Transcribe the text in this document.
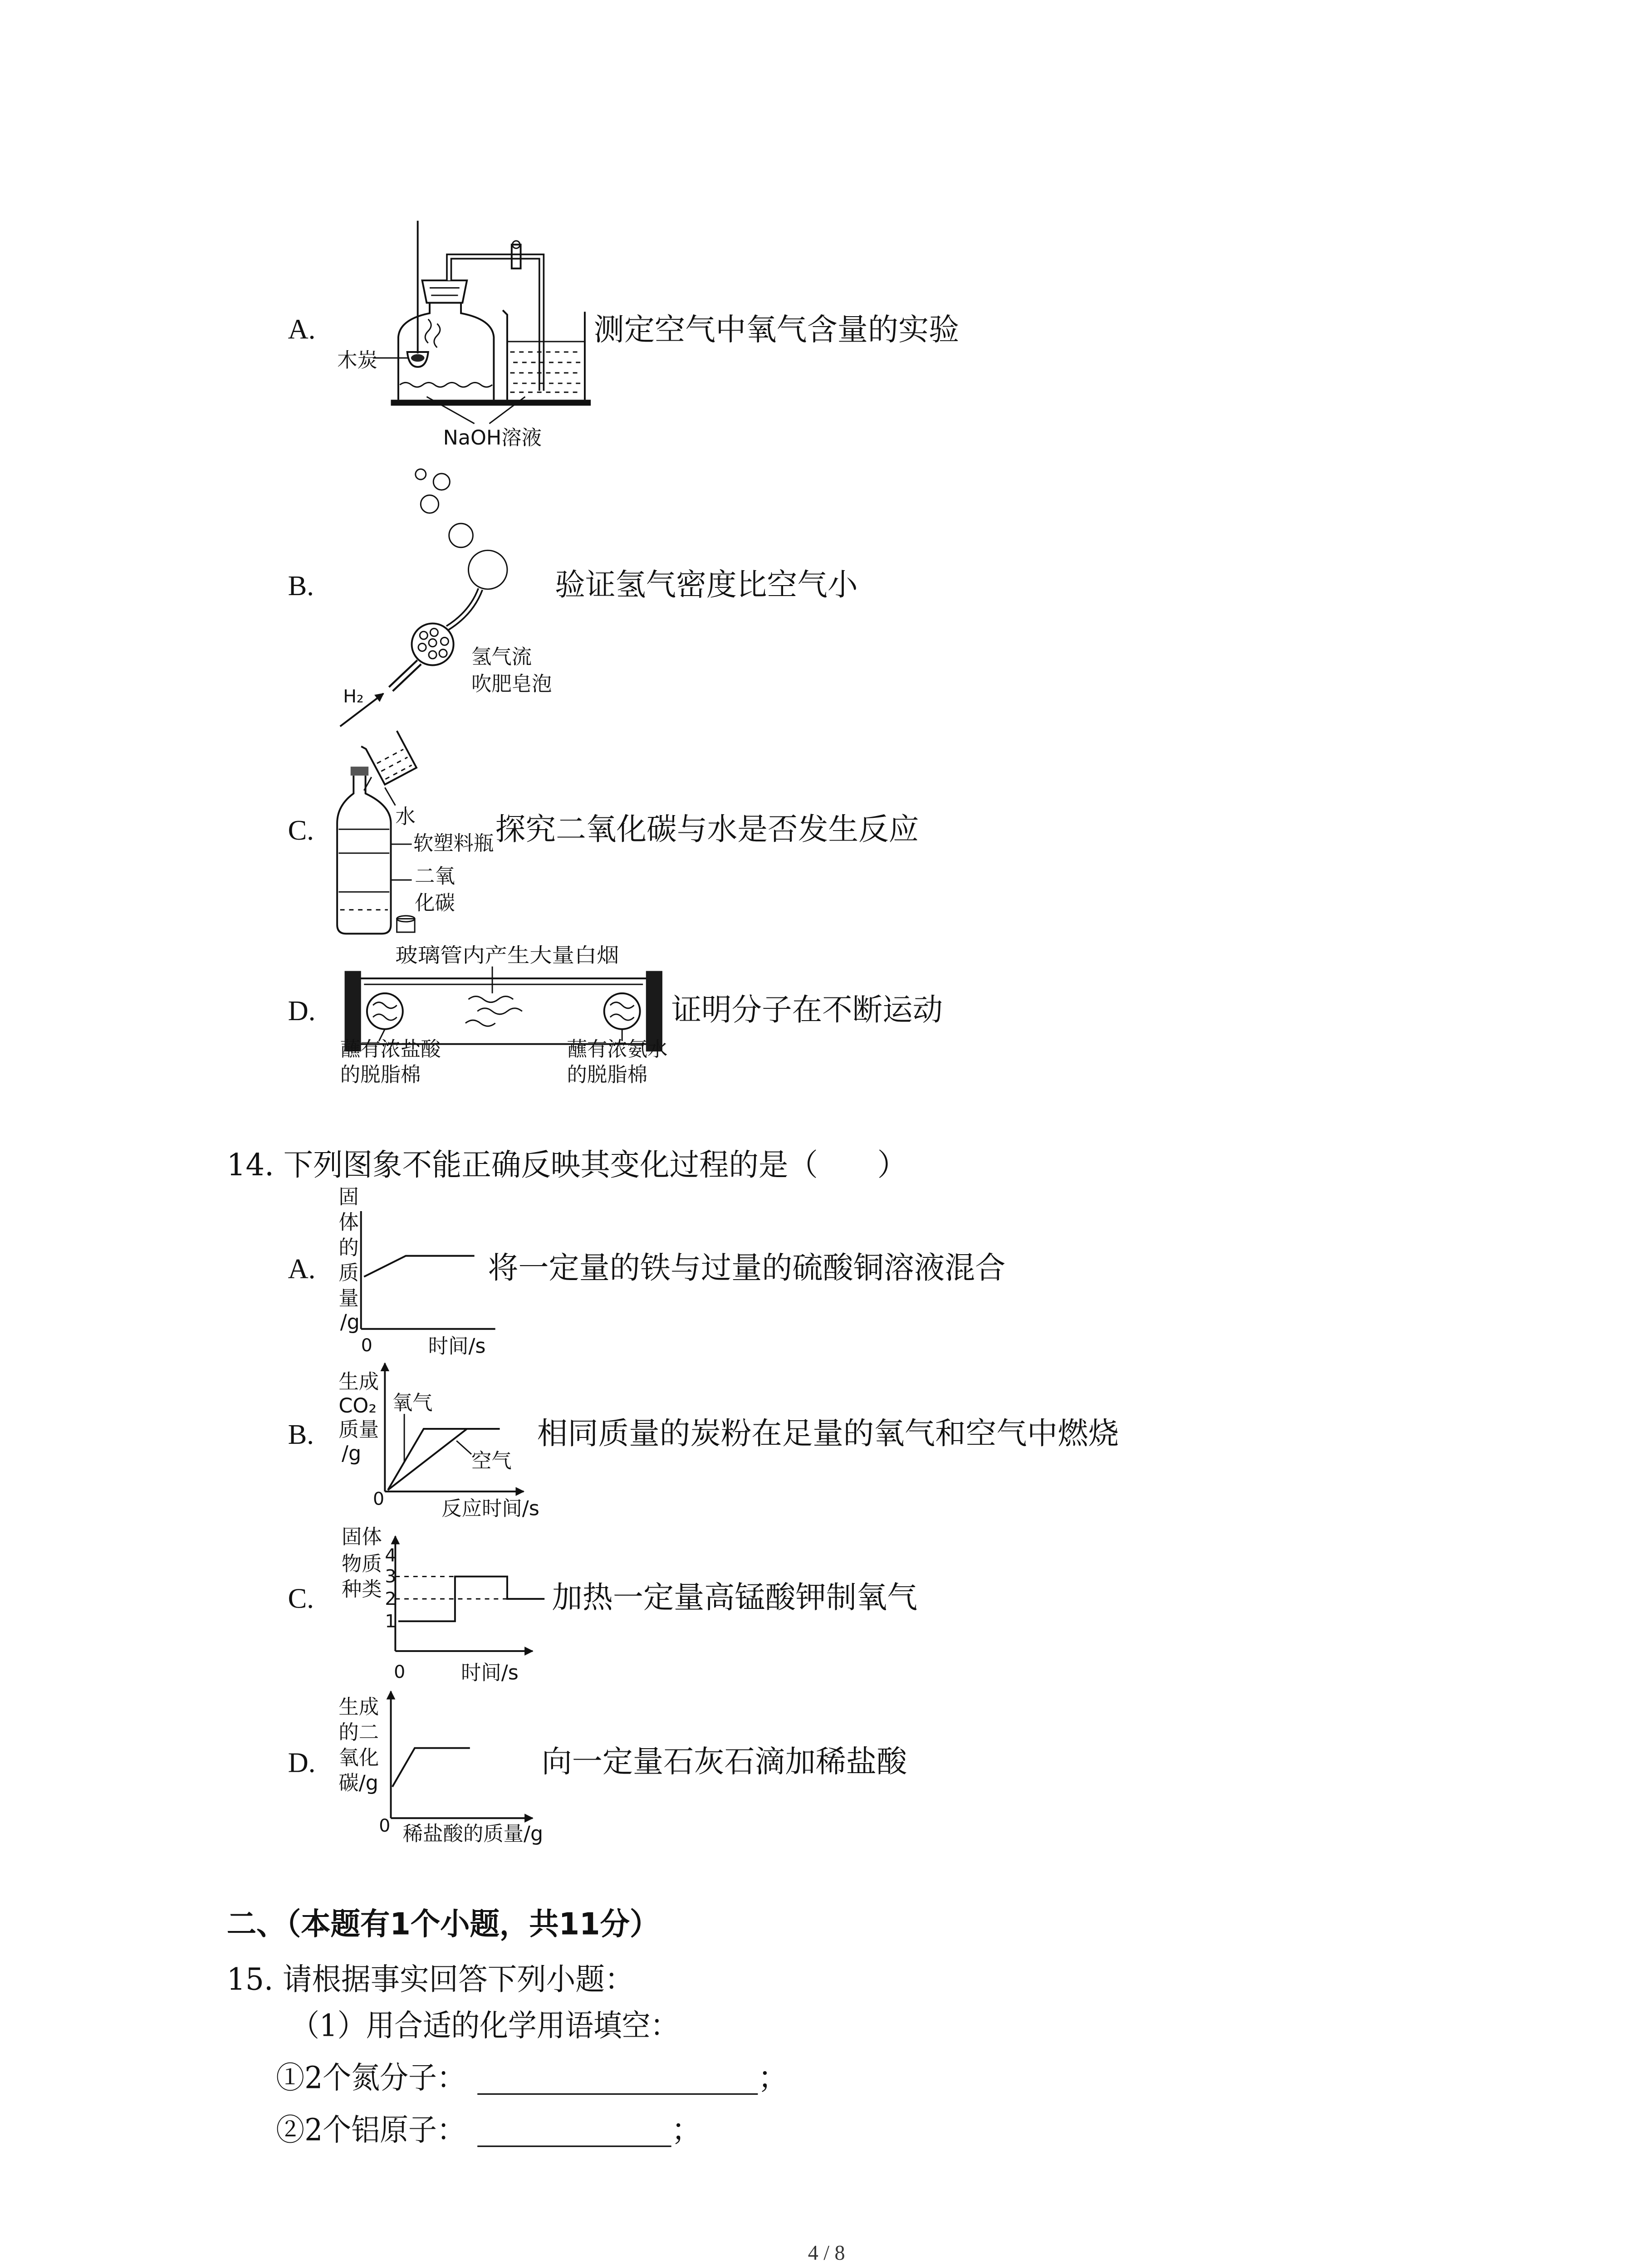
A.	测定空气中氧气含量的实验
木炭
NaOH溶液
B.	验证氢气密度比空气小
H₂
氢气流
吹肥皂泡
C.	探究二氧化碳与水是否发生反应
水
软塑料瓶
二氧
化碳
D.	证明分子在不断运动
玻璃管内产生大量白烟
蘸有浓盐酸
的脱脂棉
蘸有浓氨水
的脱脂棉
14. 下列图象不能正确反映其变化过程的是（　　）
A.	将一定量的铁与过量的硫酸铜溶液混合
固
体
的
质
量
/g
0	时间/s
B.	相同质量的炭粉在足量的氧气和空气中燃烧
氧气
空气
生成
CO₂
质量
/g
0	反应时间/s
C.	加热一定量高锰酸钾制氧气
4
3
2
1
固体
物质
种类
0	时间/s
D.	向一定量石灰石滴加稀盐酸
生成
的二
氧化
碳/g
0 稀盐酸的质量/g
二、（本题有1个小题，共11分）
15. 请根据事实回答下列小题：
（1）用合适的化学用语填空：
①2个氮分子：	；
②2个铝原子：	；
4 / 8
